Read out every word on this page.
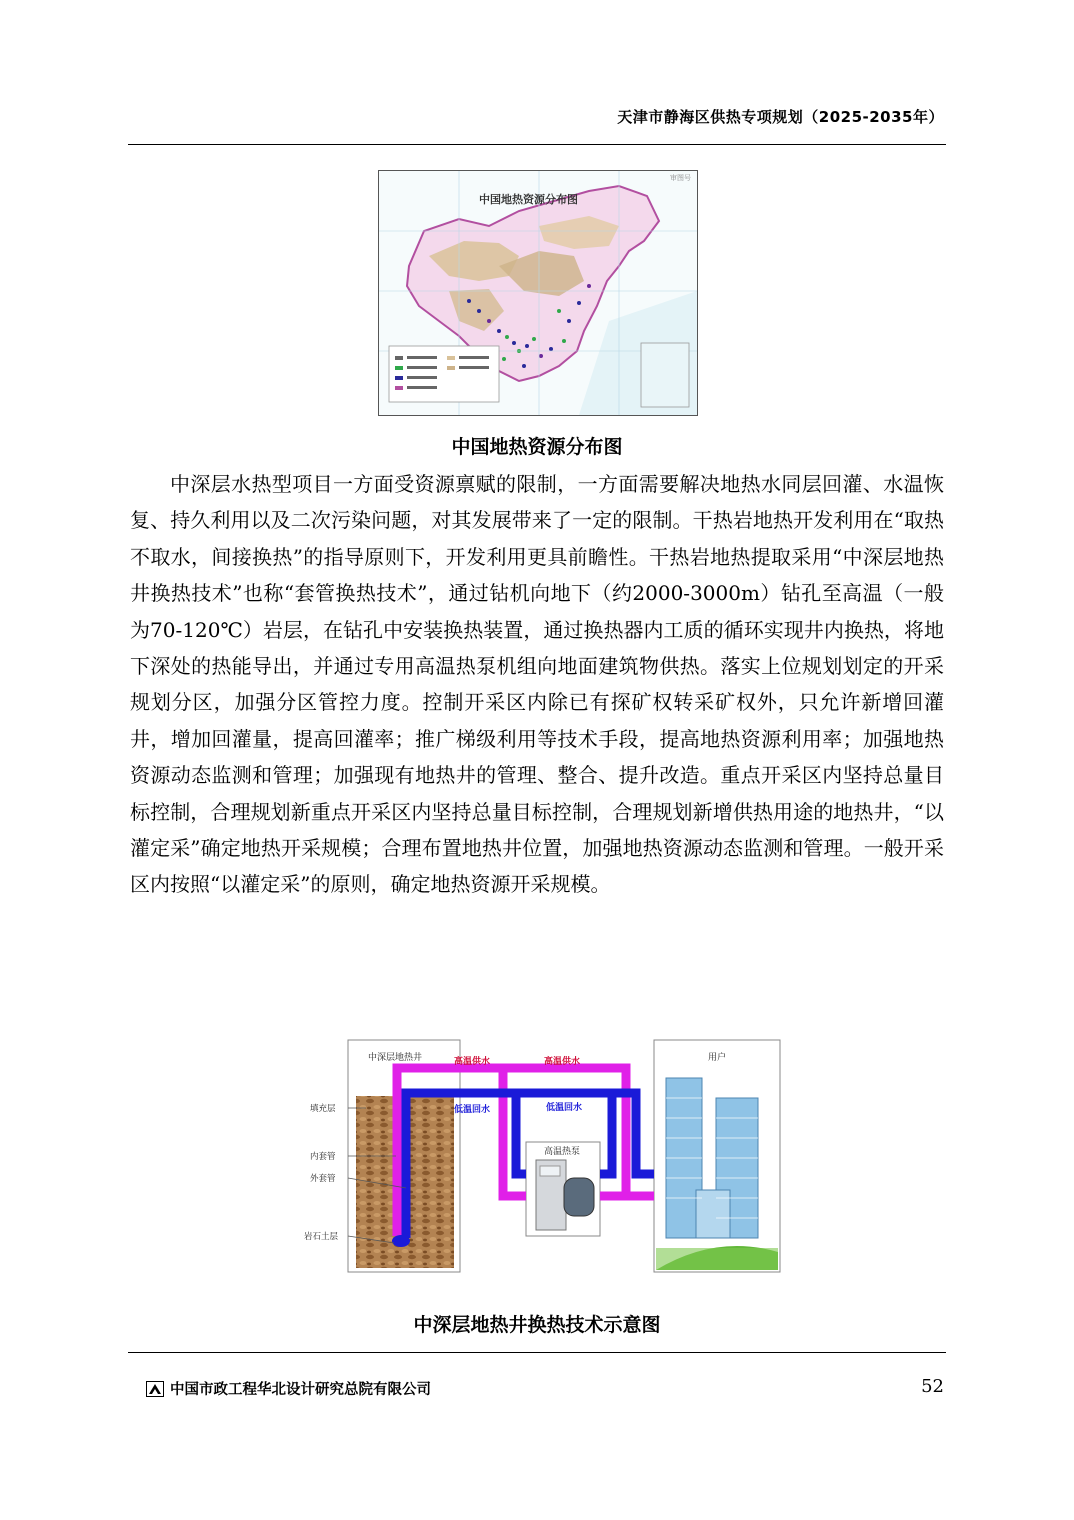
天津市静海区供热专项规划（2025-2035年）
中国地热资源分布图
审图号
中国地热资源分布图

中深层水热型项目一方面受资源禀赋的限制，一方面需要解决地热水同层回灌、水温恢复、持久利用以及二次污染问题，对其发展带来了一定的限制。干热岩地热开发利用在“取热不取水，间接换热”的指导原则下，开发利用更具前瞻性。干热岩地热提取采用“中深层地热井换热技术”也称“套管换热技术”，通过钻机向地下（约2000-3000m）钻孔至高温（一般为70-120℃）岩层，在钻孔中安装换热装置，通过换热器内工质的循环实现井内换热，将地下深处的热能导出，并通过专用高温热泵机组向地面建筑物供热。落实上位规划划定的开采规划分区，加强分区管控力度。控制开采区内除已有探矿权转采矿权外，只允许新增回灌井，增加回灌量，提高回灌率；推广梯级利用等技术手段，提高地热资源利用率；加强地热资源动态监测和管理；加强现有地热井的管理、整合、提升改造。重点开采区内坚持总量目标控制，合理规划新重点开采区内坚持总量目标控制，合理规划新增供热用途的地热井，“以灌定采”确定地热开采规模；合理布置地热井位置，加强地热资源动态监测和管理。一般开采区内按照“以灌定采”的原则，确定地热资源开采规模。

中深层地热井	用户
高温热泵
高温供水	高温供水
低温回水	低温回水
填充层
内套管
外套管
岩石土层
中深层地热井换热技术示意图
中国市政工程华北设计研究总院有限公司	52
